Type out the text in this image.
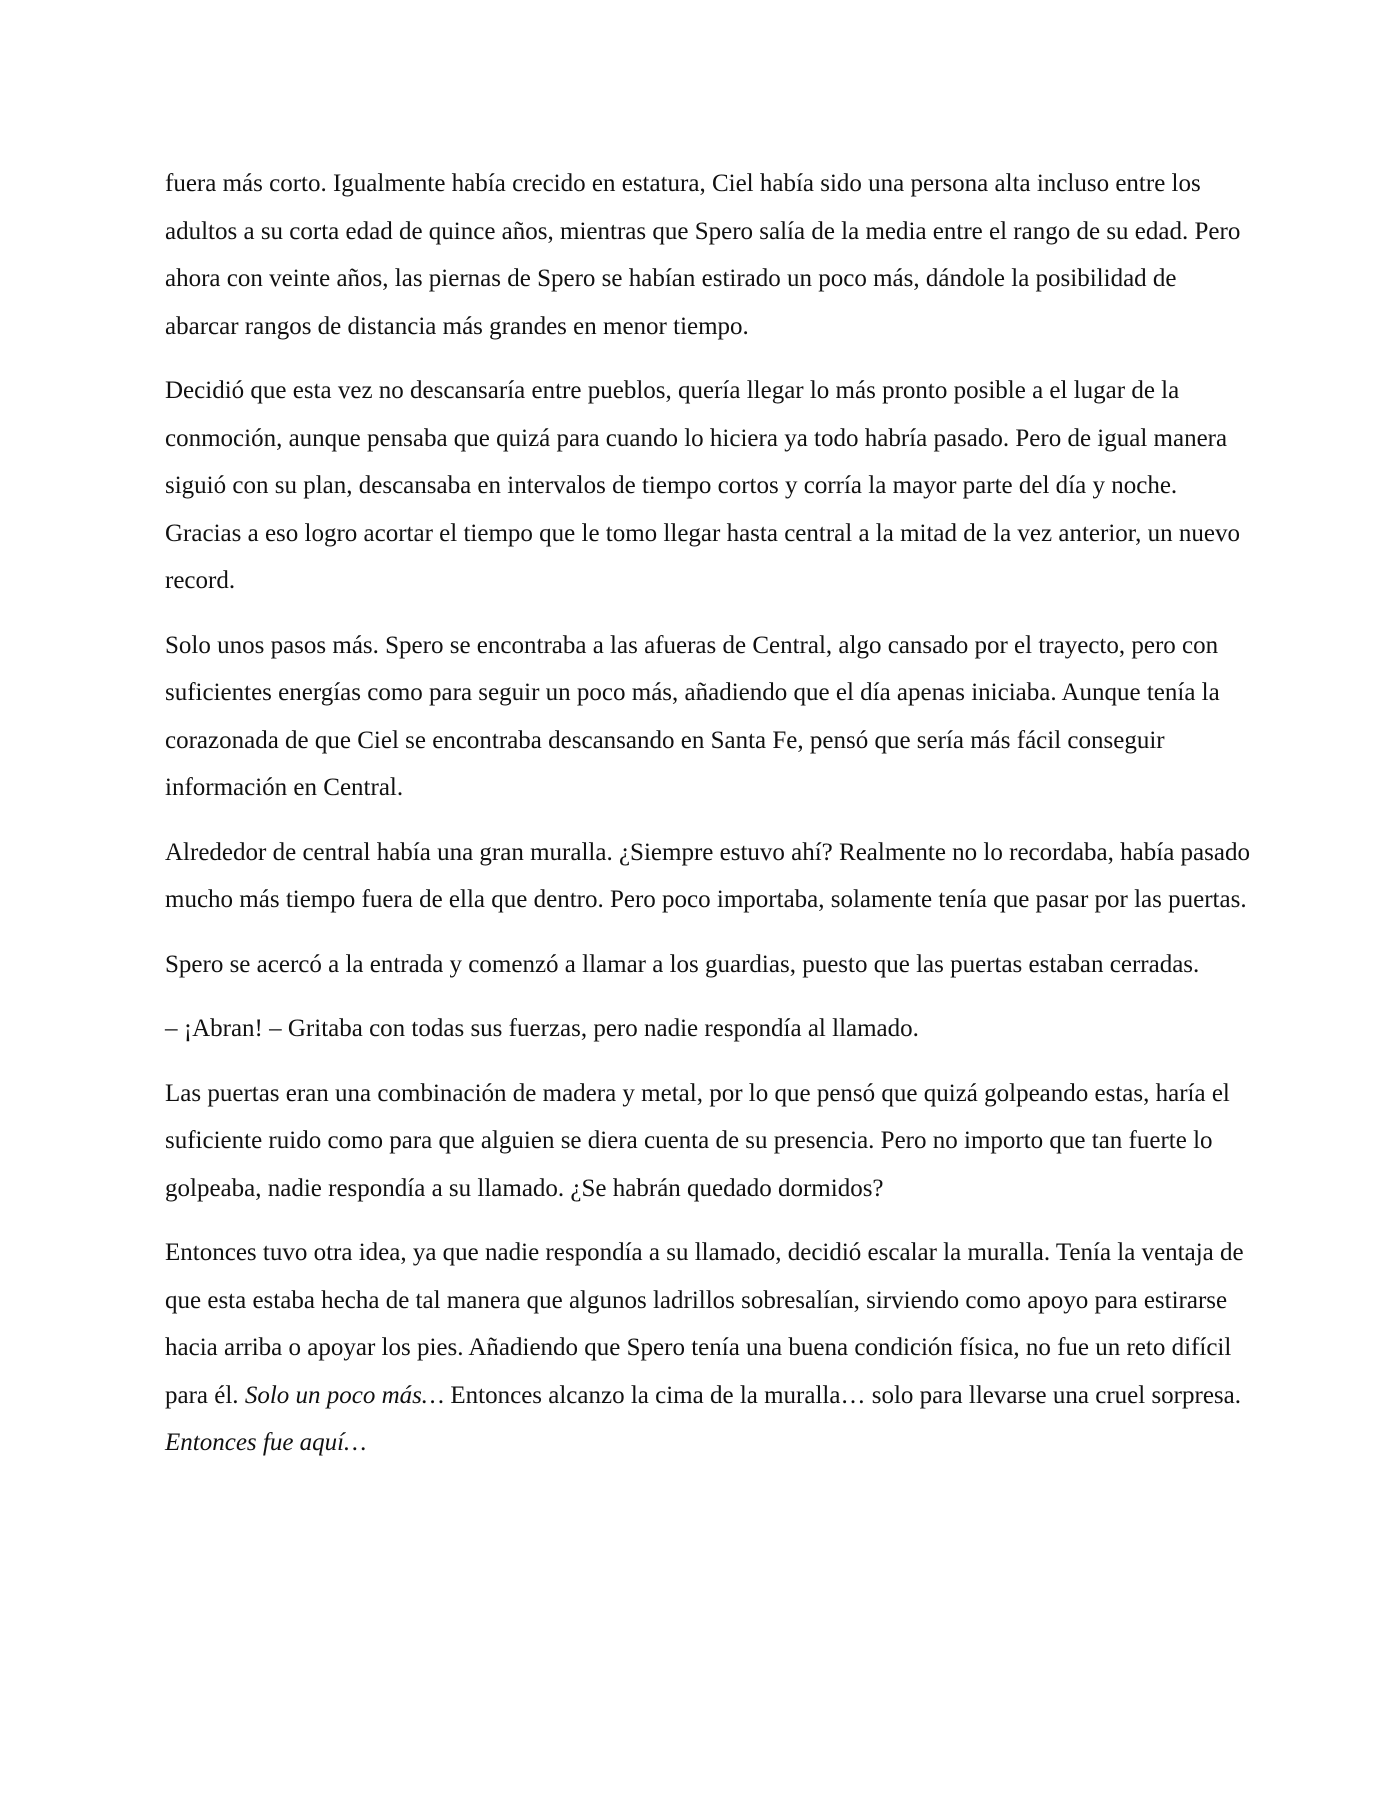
fuera más corto. Igualmente había crecido en estatura, Ciel había sido una persona alta incluso entre los adultos a su corta edad de quince años, mientras que Spero salía de la media entre el rango de su edad. Pero ahora con veinte años, las piernas de Spero se habían estirado un poco más, dándole la posibilidad de abarcar rangos de distancia más grandes en menor tiempo.

Decidió que esta vez no descansaría entre pueblos, quería llegar lo más pronto posible a el lugar de la conmoción, aunque pensaba que quizá para cuando lo hiciera ya todo habría pasado. Pero de igual manera siguió con su plan, descansaba en intervalos de tiempo cortos y corría la mayor parte del día y noche. Gracias a eso logro acortar el tiempo que le tomo llegar hasta central a la mitad de la vez anterior, un nuevo record.

Solo unos pasos más. Spero se encontraba a las afueras de Central, algo cansado por el trayecto, pero con suficientes energías como para seguir un poco más, añadiendo que el día apenas iniciaba. Aunque tenía la corazonada de que Ciel se encontraba descansando en Santa Fe, pensó que sería más fácil conseguir información en Central.

Alrededor de central había una gran muralla. ¿Siempre estuvo ahí? Realmente no lo recordaba, había pasado mucho más tiempo fuera de ella que dentro. Pero poco importaba, solamente tenía que pasar por las puertas.

Spero se acercó a la entrada y comenzó a llamar a los guardias, puesto que las puertas estaban cerradas.

– ¡Abran! – Gritaba con todas sus fuerzas, pero nadie respondía al llamado.

Las puertas eran una combinación de madera y metal, por lo que pensó que quizá golpeando estas, haría el suficiente ruido como para que alguien se diera cuenta de su presencia. Pero no importo que tan fuerte lo golpeaba, nadie respondía a su llamado. ¿Se habrán quedado dormidos?

Entonces tuvo otra idea, ya que nadie respondía a su llamado, decidió escalar la muralla. Tenía la ventaja de que esta estaba hecha de tal manera que algunos ladrillos sobresalían, sirviendo como apoyo para estirarse hacia arriba o apoyar los pies. Añadiendo que Spero tenía una buena condición física, no fue un reto difícil para él. Solo un poco más… Entonces alcanzo la cima de la muralla… solo para llevarse una cruel sorpresa. Entonces fue aquí…
